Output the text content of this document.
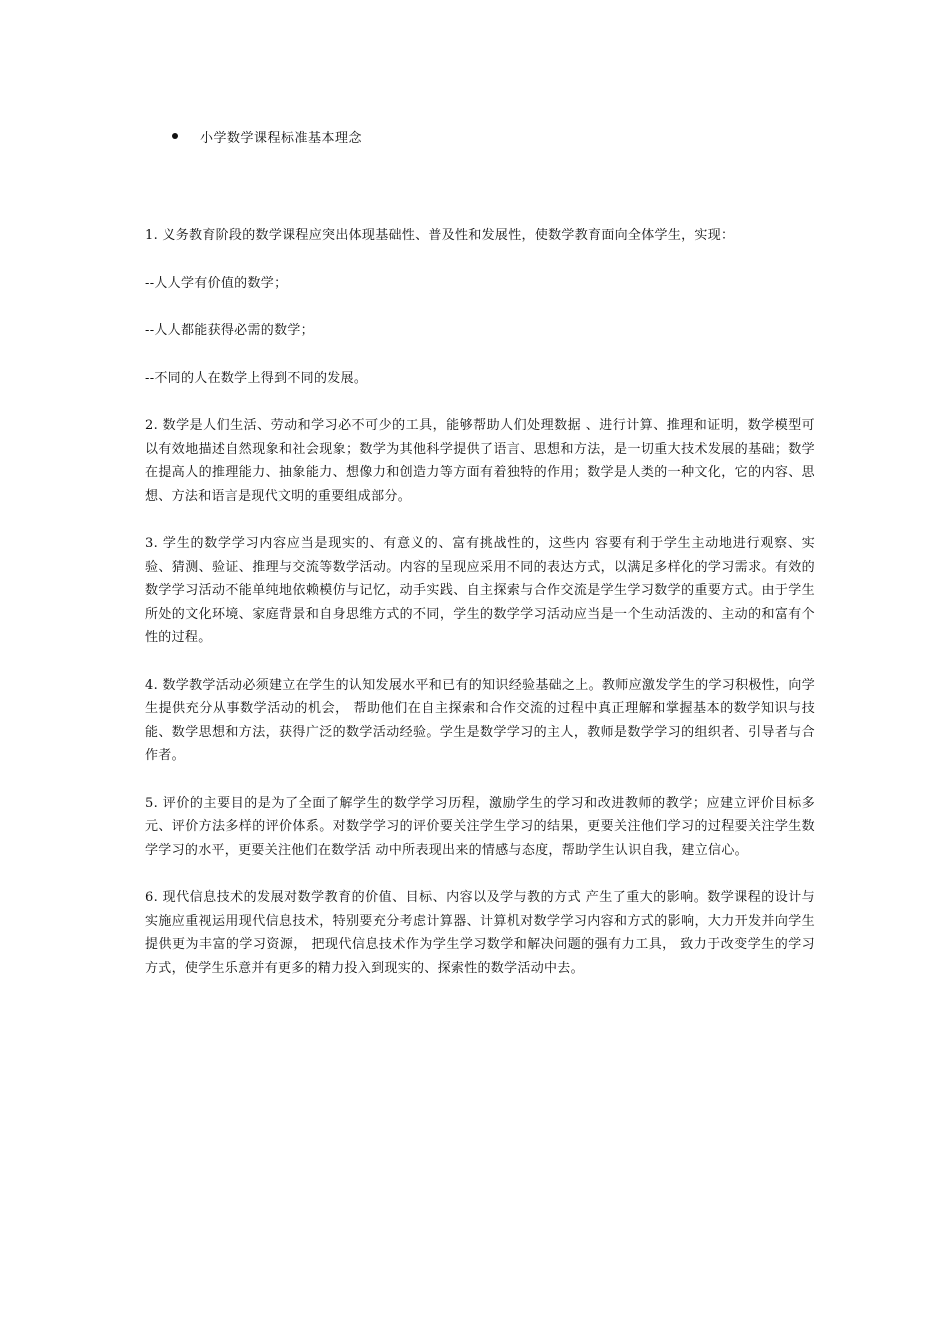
小学数学课程标准基本理念

1. 义务教育阶段的数学课程应突出体现基础性、普及性和发展性，使数学教育面向全体学生，实现：

--人人学有价值的数学；

--人人都能获得必需的数学；

--不同的人在数学上得到不同的发展。

2. 数学是人们生活、劳动和学习必不可少的工具，能够帮助人们处理数据 、进行计算、推理和证明，数学模型可以有效地描述自然现象和社会现象；数学为其他科学提供了语言、思想和方法，是一切重大技术发展的基础；数学在提高人的推理能力、抽象能力、想像力和创造力等方面有着独特的作用；数学是人类的一种文化，它的内容、思想、方法和语言是现代文明的重要组成部分。

3. 学生的数学学习内容应当是现实的、有意义的、富有挑战性的，这些内 容要有利于学生主动地进行观察、实验、猜测、验证、推理与交流等数学活动。内容的呈现应采用不同的表达方式，以满足多样化的学习需求。有效的数学学习活动不能单纯地依赖模仿与记忆，动手实践、自主探索与合作交流是学生学习数学的重要方式。由于学生所处的文化环境、家庭背景和自身思维方式的不同，学生的数学学习活动应当是一个生动活泼的、主动的和富有个性的过程。

4. 数学教学活动必须建立在学生的认知发展水平和已有的知识经验基础之上。教师应激发学生的学习积极性，向学生提供充分从事数学活动的机会， 帮助他们在自主探索和合作交流的过程中真正理解和掌握基本的数学知识与技能、数学思想和方法，获得广泛的数学活动经验。学生是数学学习的主人，教师是数学学习的组织者、引导者与合作者。

5. 评价的主要目的是为了全面了解学生的数学学习历程，激励学生的学习和改进教师的教学；应建立评价目标多元、评价方法多样的评价体系。对数学学习的评价要关注学生学习的结果，更要关注他们学习的过程要关注学生数学学习的水平，更要关注他们在数学活 动中所表现出来的情感与态度，帮助学生认识自我，建立信心。

6. 现代信息技术的发展对数学教育的价值、目标、内容以及学与教的方式 产生了重大的影响。数学课程的设计与实施应重视运用现代信息技术，特别要充分考虑计算器、计算机对数学学习内容和方式的影响，大力开发并向学生提供更为丰富的学习资源， 把现代信息技术作为学生学习数学和解决问题的强有力工具， 致力于改变学生的学习方式，使学生乐意并有更多的精力投入到现实的、探索性的数学活动中去。
